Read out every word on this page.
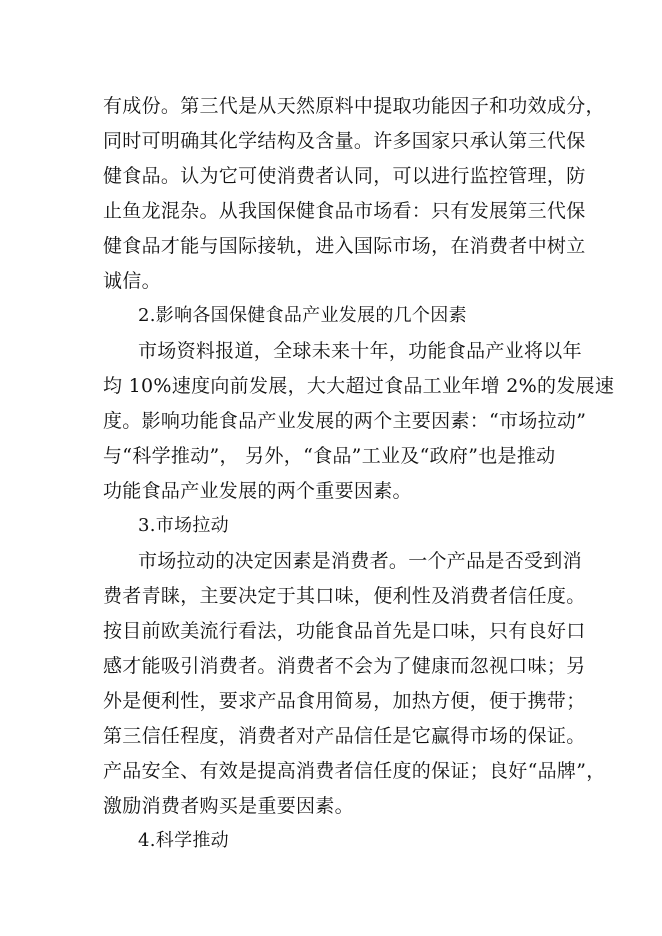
有成份。第三代是从天然原料中提取功能因子和功效成分，
同时可明确其化学结构及含量。许多国家只承认第三代保
健食品。认为它可使消费者认同，可以进行监控管理，防
止鱼龙混杂。从我国保健食品市场看：只有发展第三代保
健食品才能与国际接轨，进入国际市场，在消费者中树立
诚信。
2.影响各国保健食品产业发展的几个因素
市场资料报道，全球未来十年，功能食品产业将以年
均 10%速度向前发展，大大超过食品工业年增 2%的发展速
度。影响功能食品产业发展的两个主要因素：“市场拉动”
与“科学推动”， 另外，“食品”工业及“政府”也是推动
功能食品产业发展的两个重要因素。
3.市场拉动
市场拉动的决定因素是消费者。一个产品是否受到消
费者青睐，主要决定于其口味，便利性及消费者信任度。
按目前欧美流行看法，功能食品首先是口味，只有良好口
感才能吸引消费者。消费者不会为了健康而忽视口味；另
外是便利性，要求产品食用简易，加热方便，便于携带；
第三信任程度，消费者对产品信任是它赢得市场的保证。
产品安全、有效是提高消费者信任度的保证；良好“品牌”，
激励消费者购买是重要因素。
4.科学推动
